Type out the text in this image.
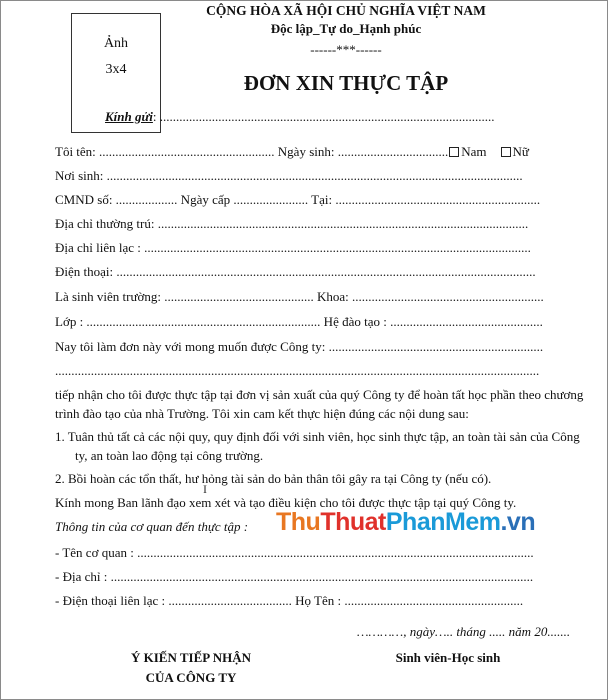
Ảnh
3x4
CỘNG HÒA XÃ HỘI CHỦ NGHĨA VIỆT NAM
Độc lập_Tự do_Hạnh phúc
------***------
ĐƠN XIN THỰC TẬP
Kính gửi: .......................................................................................................
Tôi tên: ...................................................... Ngày sinh: .................................. Nam Nữ
Nơi sinh: ................................................................................................................................
CMND số: ................... Ngày cấp ....................... Tại: ...............................................................
Địa chỉ thường trú: ..................................................................................................................
Địa chỉ liên lạc : .......................................................................................................................
Điện thoại: .................................................................................................................................
Là sinh viên trường: .............................................. Khoa: ...........................................................
Lớp : ........................................................................ Hệ đào tạo : ...............................................
Nay tôi làm đơn này với mong muốn được Công ty: ..................................................................
.....................................................................................................................................................
tiếp nhận cho tôi được thực tập tại đơn vị sản xuất của quý Công ty để hoàn tất học phần theo chương
trình đào tạo của nhà Trường. Tôi xin cam kết thực hiện đúng các nội dung sau:
1. Tuân thủ tất cả các nội quy, quy định đối với sinh viên, học sinh thực tập, an toàn tài sản của Công
ty, an toàn lao động tại công trường.
2. Bồi hoàn các tổn thất, hư hỏng tài sản do bản thân tôi gây ra tại Công ty (nếu có).
Kính mong Ban lãnh đạo xem xét và tạo điều kiện cho tôi được thực tập tại quý Công ty.
Thông tin của cơ quan đến thực tập :
- Tên cơ quan : ..........................................................................................................................
- Địa chỉ : ..................................................................................................................................
- Điện thoại liên lạc : ...................................... Họ Tên : .......................................................
…………, ngày….. tháng ..... năm 20.......
Ý KIẾN TIẾP NHẬN
CỦA CÔNG TY
Sinh viên-Học sinh
ThuThuatPhanMem.vn
I
